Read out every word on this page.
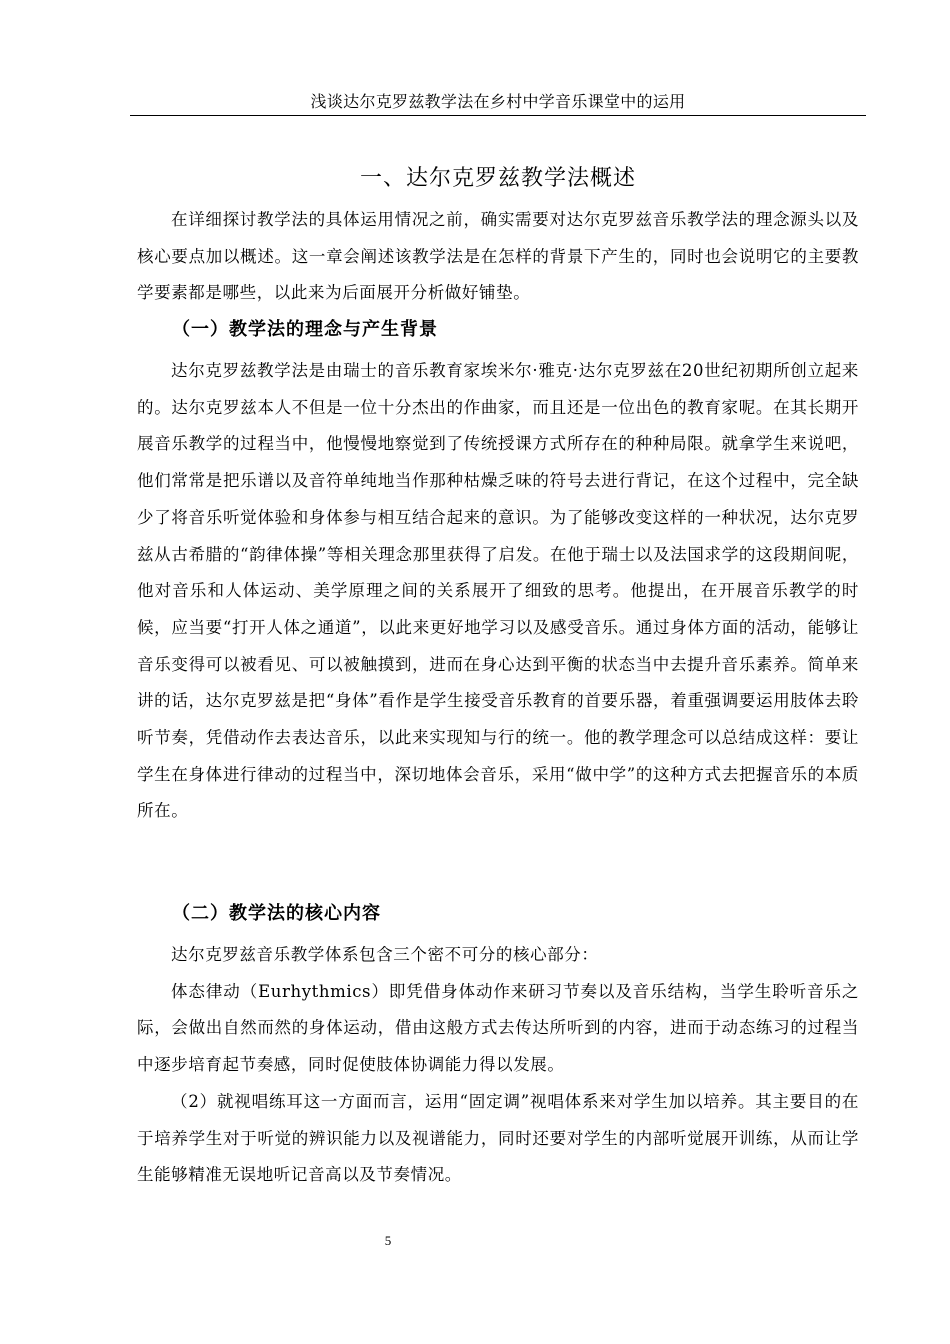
浅谈达尔克罗兹教学法在乡村中学音乐课堂中的运用
一、达尔克罗兹教学法概述

在详细探讨教学法的具体运用情况之前，确实需要对达尔克罗兹音乐教学法的理念源头以及核心要点加以概述。这一章会阐述该教学法是在怎样的背景下产生的，同时也会说明它的主要教学要素都是哪些，以此来为后面展开分析做好铺垫。

（一）教学法的理念与产生背景

达尔克罗兹教学法是由瑞士的音乐教育家埃米尔·雅克·达尔克罗兹在20世纪初期所创立起来的。达尔克罗兹本人不但是一位十分杰出的作曲家，而且还是一位出色的教育家呢。在其长期开展音乐教学的过程当中，他慢慢地察觉到了传统授课方式所存在的种种局限。就拿学生来说吧，他们常常是把乐谱以及音符单纯地当作那种枯燥乏味的符号去进行背记，在这个过程中，完全缺少了将音乐听觉体验和身体参与相互结合起来的意识。为了能够改变这样的一种状况，达尔克罗兹从古希腊的“韵律体操”等相关理念那里获得了启发。在他于瑞士以及法国求学的这段期间呢，他对音乐和人体运动、美学原理之间的关系展开了细致的思考。他提出，在开展音乐教学的时候，应当要“打开人体之通道”，以此来更好地学习以及感受音乐。通过身体方面的活动，能够让音乐变得可以被看见、可以被触摸到，进而在身心达到平衡的状态当中去提升音乐素养。简单来讲的话，达尔克罗兹是把“身体”看作是学生接受音乐教育的首要乐器，着重强调要运用肢体去聆听节奏，凭借动作去表达音乐，以此来实现知与行的统一。他的教学理念可以总结成这样：要让学生在身体进行律动的过程当中，深切地体会音乐，采用“做中学”的这种方式去把握音乐的本质所在。

（二）教学法的核心内容

达尔克罗兹音乐教学体系包含三个密不可分的核心部分：

体态律动（Eurhythmics）即凭借身体动作来研习节奏以及音乐结构，当学生聆听音乐之际，会做出自然而然的身体运动，借由这般方式去传达所听到的内容，进而于动态练习的过程当中逐步培育起节奏感，同时促使肢体协调能力得以发展。

（2）就视唱练耳这一方面而言，运用“固定调”视唱体系来对学生加以培养。其主要目的在于培养学生对于听觉的辨识能力以及视谱能力，同时还要对学生的内部听觉展开训练，从而让学生能够精准无误地听记音高以及节奏情况。

5
